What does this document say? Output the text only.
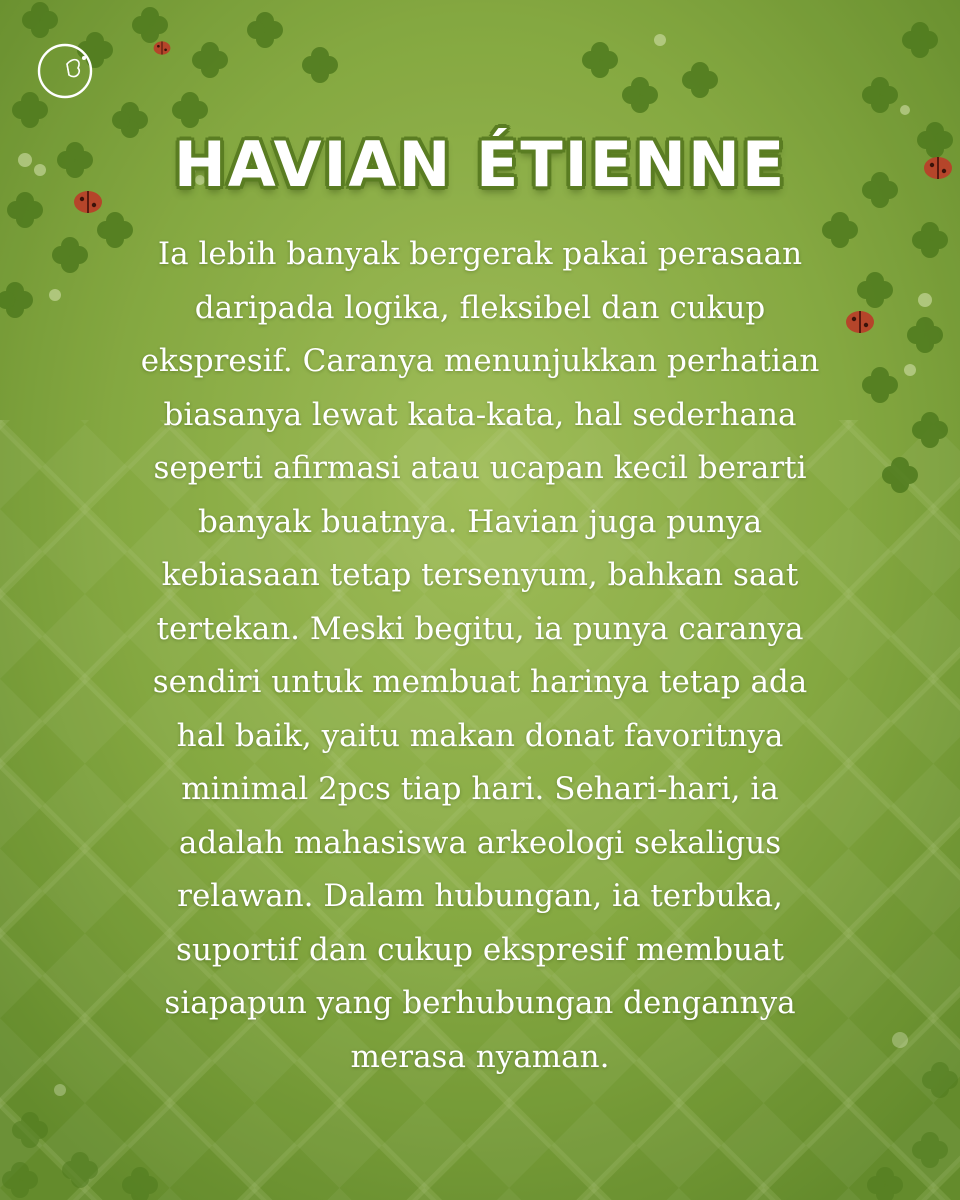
HAVIAN ÉTIENNE
Ia lebih banyak bergerak pakai perasaan
daripada logika, fleksibel dan cukup
ekspresif. Caranya menunjukkan perhatian
biasanya lewat kata-kata, hal sederhana
seperti afirmasi atau ucapan kecil berarti
banyak buatnya. Havian juga punya
kebiasaan tetap tersenyum, bahkan saat
tertekan. Meski begitu, ia punya caranya
sendiri untuk membuat harinya tetap ada
hal baik, yaitu makan donat favoritnya
minimal 2pcs tiap hari. Sehari-hari, ia
adalah mahasiswa arkeologi sekaligus
relawan. Dalam hubungan, ia terbuka,
suportif dan cukup ekspresif membuat
siapapun yang berhubungan dengannya
merasa nyaman.
